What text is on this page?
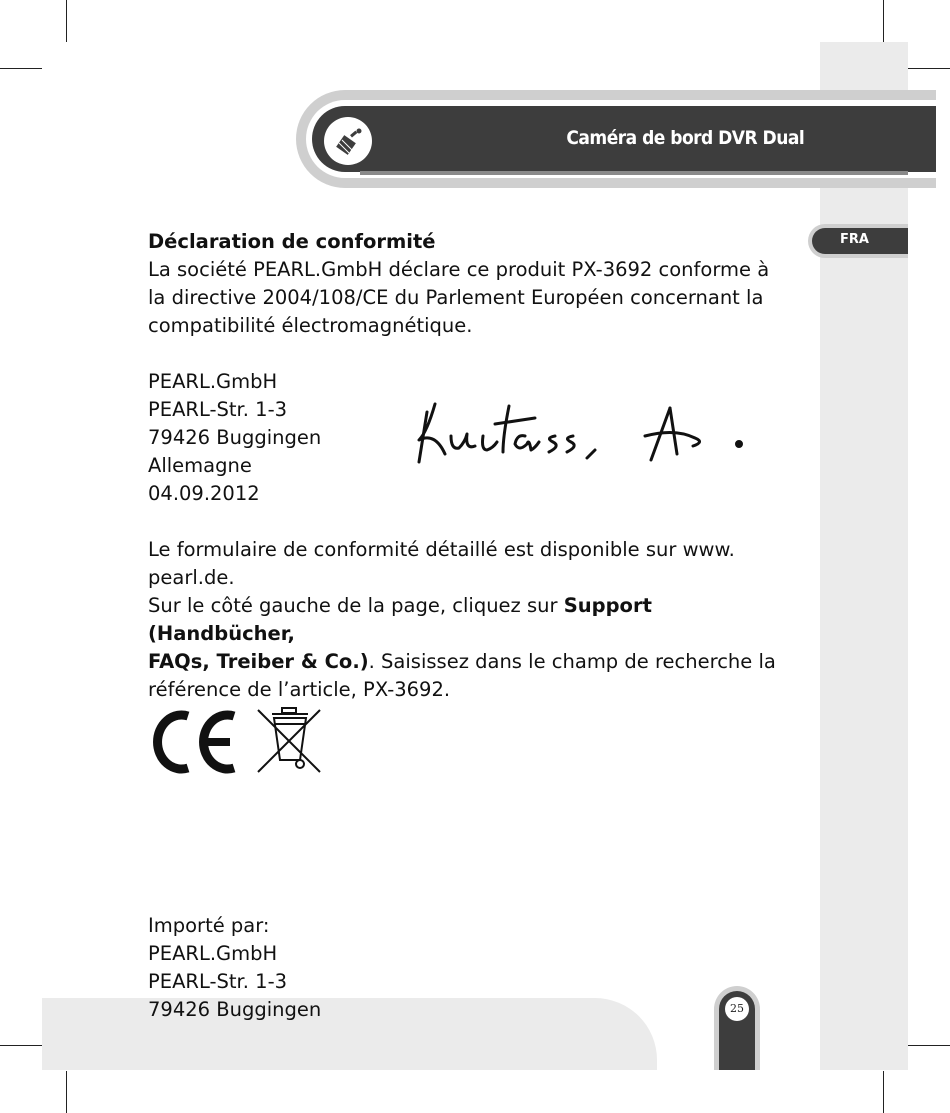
Caméra de bord DVR Dual
FRA

Déclaration de conformité

La société PEARL.GmbH déclare ce produit PX-3692 conforme à

la directive 2004/108/CE du Parlement Européen concernant la

compatibilité électromagnétique.

PEARL.GmbH

PEARL-Str. 1-3

79426 Buggingen

Allemagne

04.09.2012

Le formulaire de conformité détaillé est disponible sur www.

pearl.de.

Sur le côté gauche de la page, cliquez sur Support (Handbücher,

FAQs, Treiber & Co.). Saisissez dans le champ de recherche la

référence de l’article, PX-3692.

Importé par:

PEARL.GmbH

PEARL-Str. 1-3

79426 Buggingen	25
